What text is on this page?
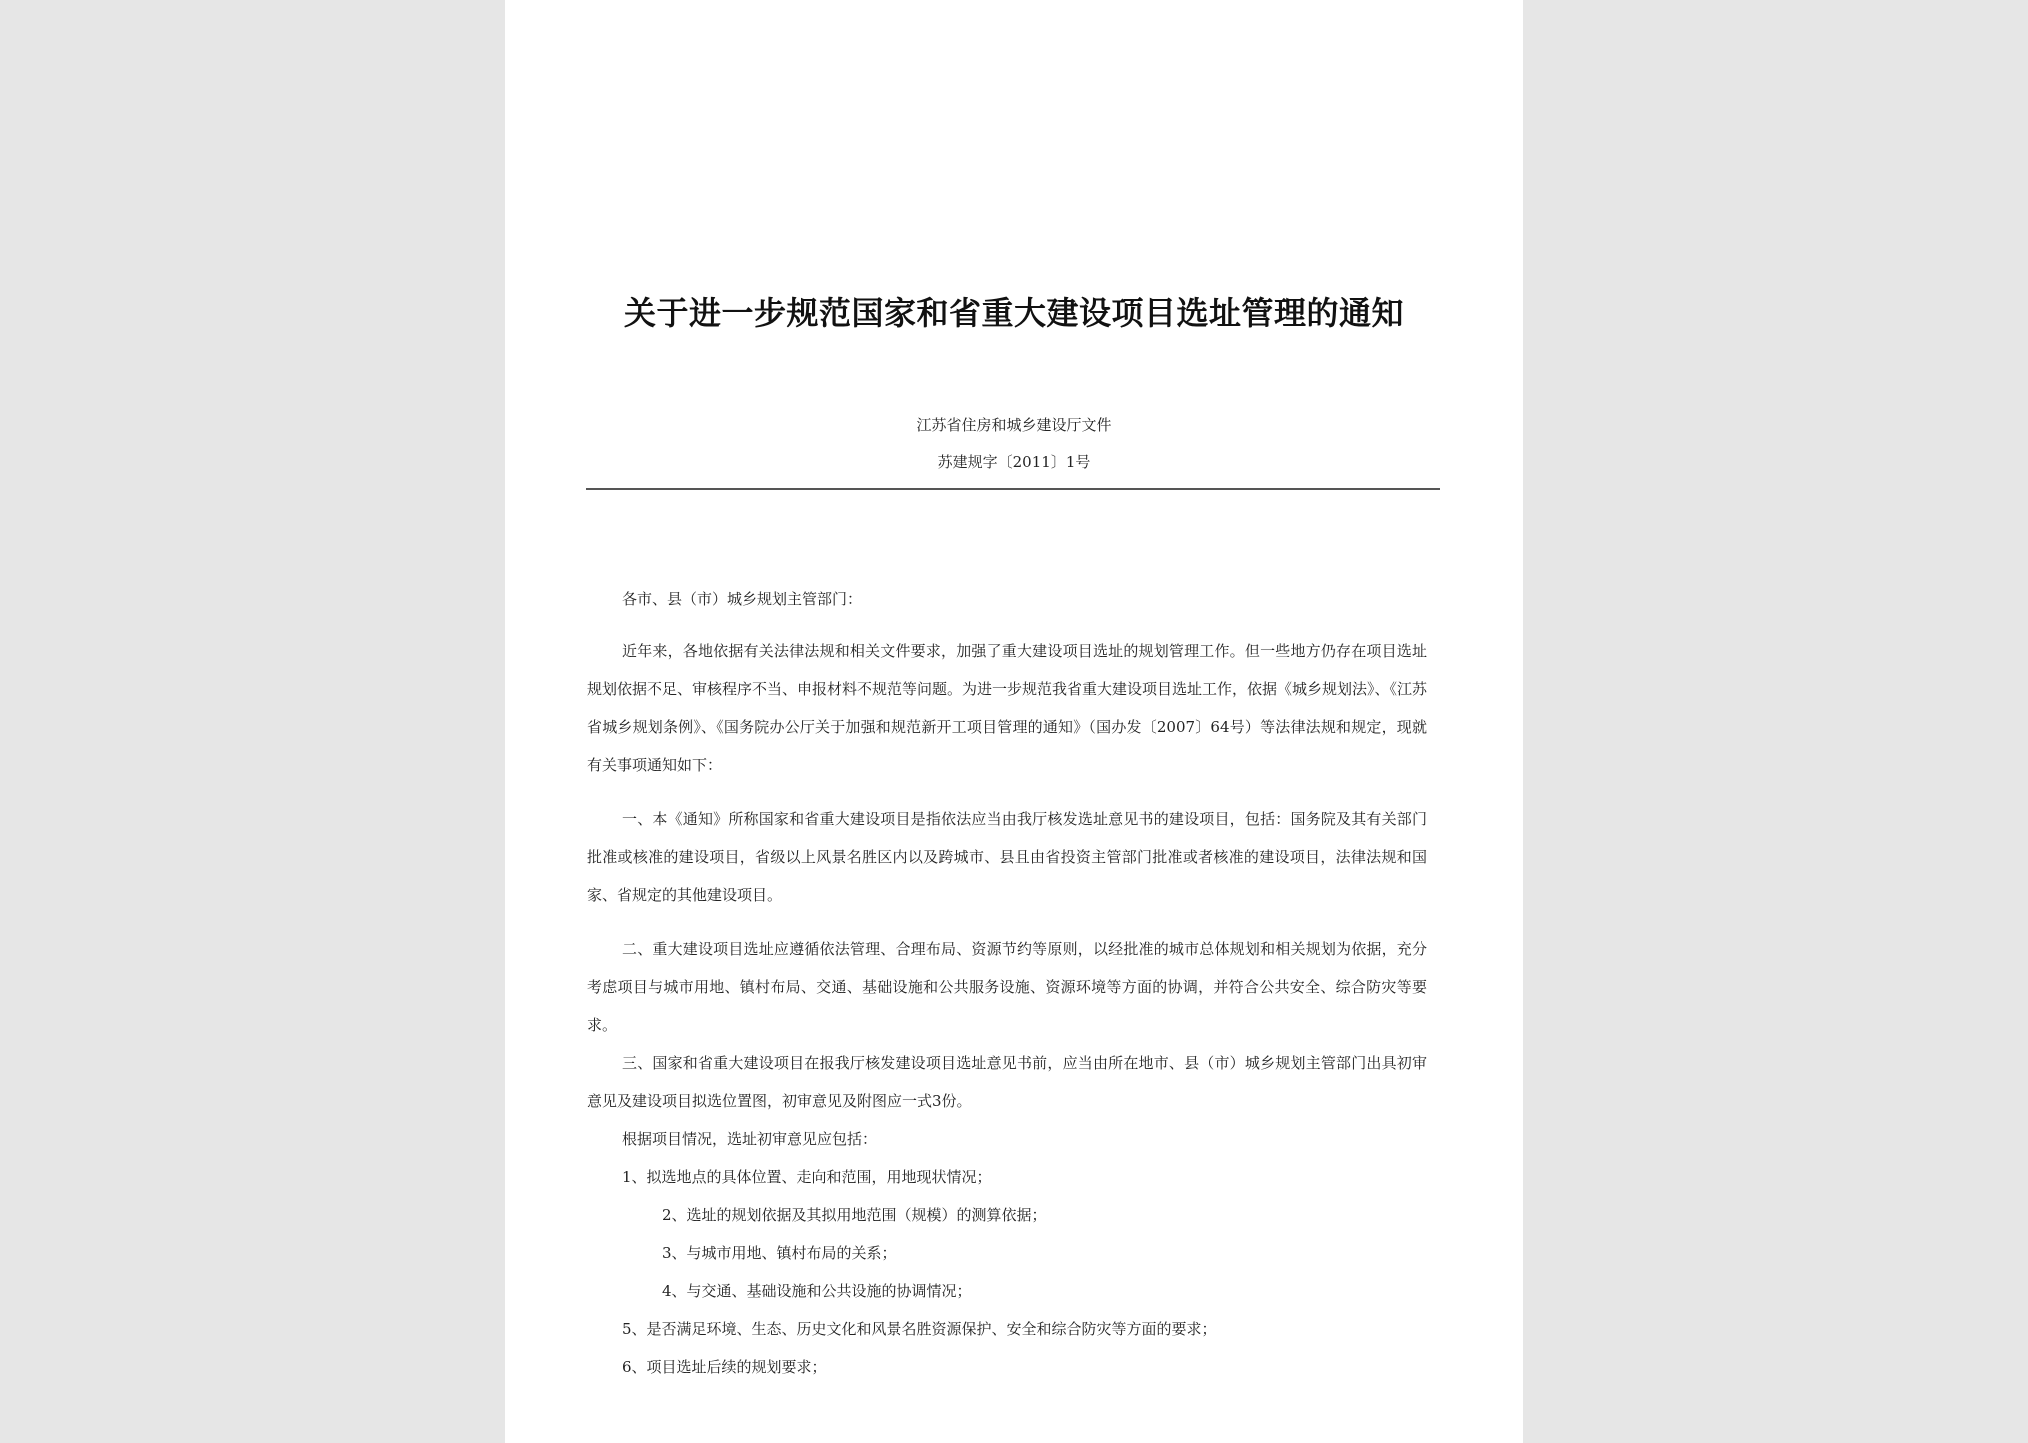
关于进一步规范国家和省重大建设项目选址管理的通知
江苏省住房和城乡建设厅文件
苏建规字〔2011〕1号

各市、县（市）城乡规划主管部门：

近年来，各地依据有关法律法规和相关文件要求，加强了重大建设项目选址的规划管理工作。但一些地方仍存在项目选址规划依据不足、审核程序不当、申报材料不规范等问题。为进一步规范我省重大建设项目选址工作，依据《城乡规划法》、《江苏省城乡规划条例》、《国务院办公厅关于加强和规范新开工项目管理的通知》（国办发〔2007〕64号）等法律法规和规定，现就有关事项通知如下：

一、本《通知》所称国家和省重大建设项目是指依法应当由我厅核发选址意见书的建设项目，包括：国务院及其有关部门批准或核准的建设项目，省级以上风景名胜区内以及跨城市、县且由省投资主管部门批准或者核准的建设项目，法律法规和国家、省规定的其他建设项目。

二、重大建设项目选址应遵循依法管理、合理布局、资源节约等原则，以经批准的城市总体规划和相关规划为依据，充分考虑项目与城市用地、镇村布局、交通、基础设施和公共服务设施、资源环境等方面的协调，并符合公共安全、综合防灾等要求。

三、国家和省重大建设项目在报我厅核发建设项目选址意见书前，应当由所在地市、县（市）城乡规划主管部门出具初审意见及建设项目拟选位置图，初审意见及附图应一式3份。

根据项目情况，选址初审意见应包括：

1、拟选地点的具体位置、走向和范围，用地现状情况；

2、选址的规划依据及其拟用地范围（规模）的测算依据；

3、与城市用地、镇村布局的关系；

4、与交通、基础设施和公共设施的协调情况；

5、是否满足环境、生态、历史文化和风景名胜资源保护、安全和综合防灾等方面的要求；

6、项目选址后续的规划要求；
